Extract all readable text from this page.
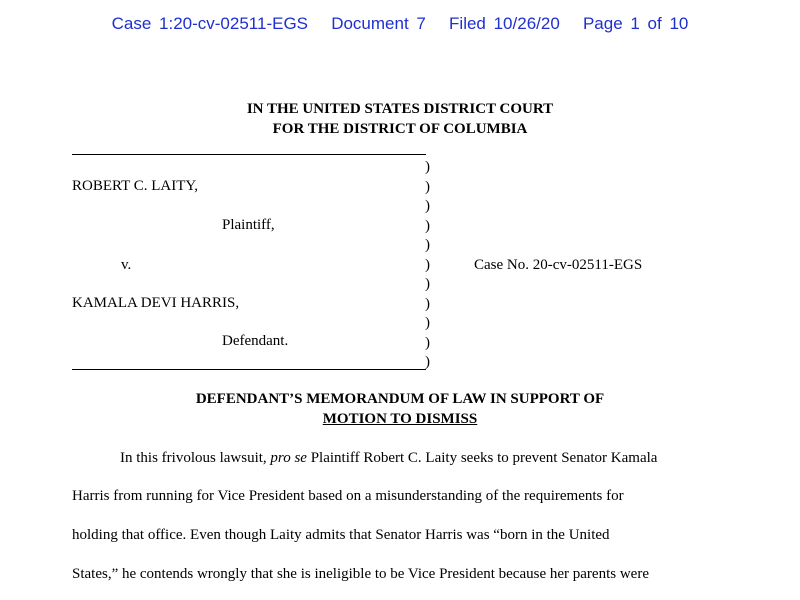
Case 1:20-cv-02511-EGS Document 7 Filed 10/26/20 Page 1 of 10
IN THE UNITED STATES DISTRICT COURT
FOR THE DISTRICT OF COLUMBIA
)
)
)
)
)
)
)
)
)
)
)
ROBERT C. LAITY,
Plaintiff,
v.
KAMALA DEVI HARRIS,
Defendant.
Case No. 20-cv-02511-EGS
DEFENDANT’S MEMORANDUM OF LAW IN SUPPORT OF
MOTION TO DISMISS
In this frivolous lawsuit, pro se Plaintiff Robert C. Laity seeks to prevent Senator Kamala
Harris from running for Vice President based on a misunderstanding of the requirements for
holding that office. Even though Laity admits that Senator Harris was “born in the United
States,” he contends wrongly that she is ineligible to be Vice President because her parents were
